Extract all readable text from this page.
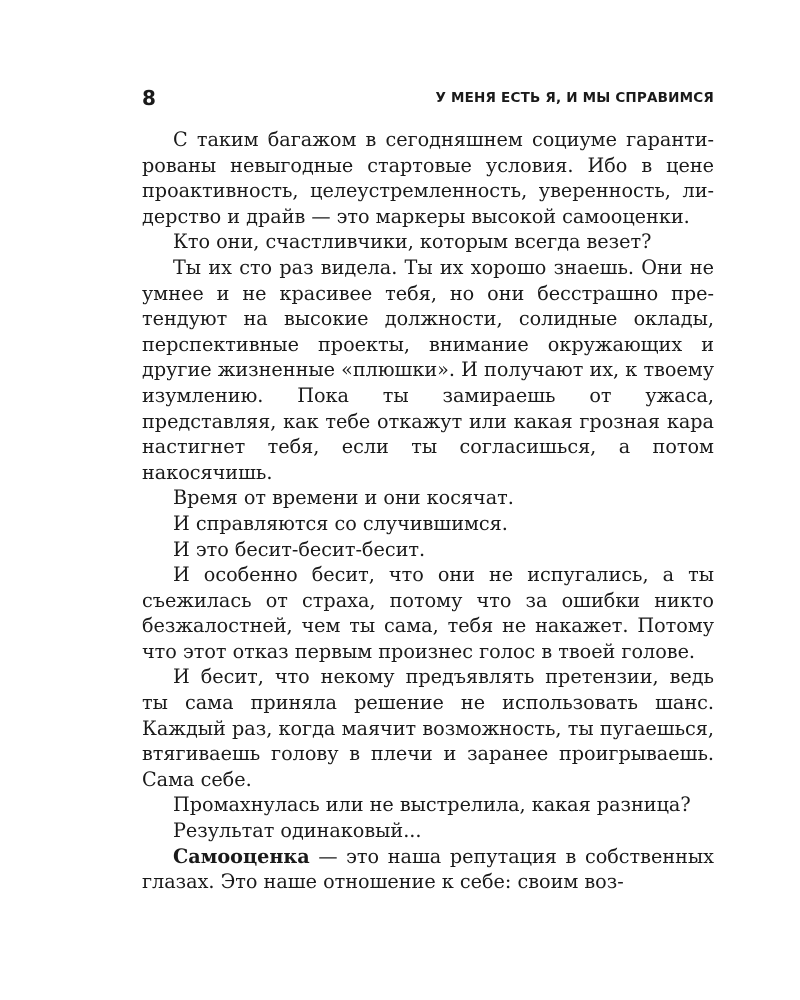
8	У МЕНЯ ЕСТЬ Я, И МЫ СПРАВИМСЯ

С таким багажом в сегодняшнем социуме гарантированы невыгодные стартовые условия. Ибо в цене проактивность, целеустремленность, уверенность, лидерство и драйв — это маркеры высокой самооценки.

Кто они, счастливчики, которым всегда везет?

Ты их сто раз видела. Ты их хорошо знаешь. Они не умнее и не красивее тебя, но они бесстрашно претендуют на высокие должности, солидные оклады, перспективные проекты, внимание окружающих и другие жизненные «плюшки». И получают их, к твоему изумлению. Пока ты замираешь от ужаса, представляя, как тебе откажут или какая грозная кара настигнет тебя, если ты согласишься, а потом накосячишь.

Время от времени и они косячат.

И справляются со случившимся.

И это бесит-бесит-бесит.

И особенно бесит, что они не испугались, а ты съежилась от страха, потому что за ошибки никто безжалостней, чем ты сама, тебя не накажет. Потому что этот отказ первым произнес голос в твоей голове.

И бесит, что некому предъявлять претензии, ведь ты сама приняла решение не использовать шанс. Каждый раз, когда маячит возможность, ты пугаешься, втягиваешь голову в плечи и заранее проигрываешь. Сама себе.

Промахнулась или не выстрелила, какая разница?

Результат одинаковый...

Самооценка — это наша репутация в собственных глазах. Это наше отношение к себе: своим воз-
